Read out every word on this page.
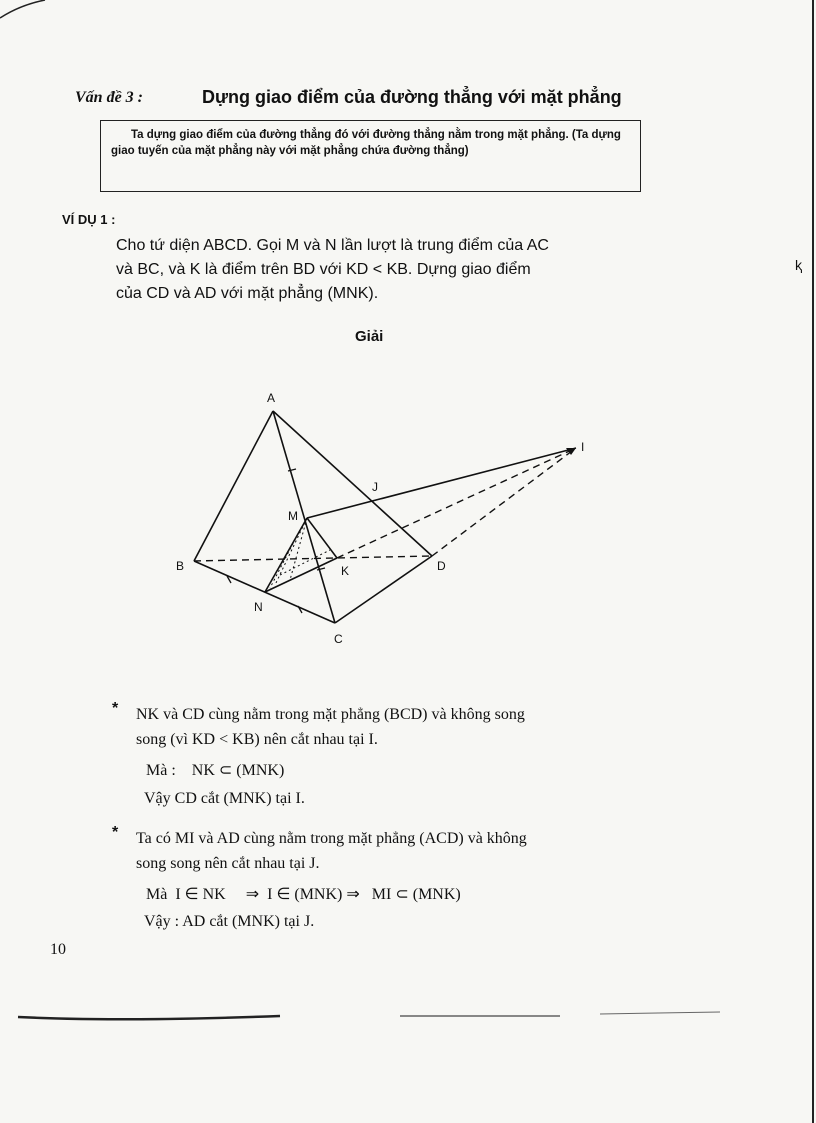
Vấn đề 3 :	Dựng giao điểm của đường thẳng với mặt phẳng
Ta dựng giao điểm của đường thẳng đó với đường thẳng nằm trong mặt phẳng. (Ta dựng giao tuyến của mặt phẳng này với mặt phẳng chứa đường thẳng)
VÍ DỤ 1 :
Cho tứ diện ABCD. Gọi M và N lần lượt là trung điểm của AC
và BC, và K là điểm trên BD với KD < KB. Dựng giao điểm
của CD và AD với mặt phẳng (MNK).
ⱪ
Giải
A
B
C
D
M
N
K
I
J
* NK và CD cùng nằm trong mặt phẳng (BCD) và không song
song (vì KD < KB) nên cắt nhau tại I.
Mà :    NK ⊂ (MNK)
Vậy CD cắt (MNK) tại I.
* Ta có MI và AD cùng nằm trong mặt phẳng (ACD) và không
song song nên cắt nhau tại J.
Mà  I ∈ NK     ⇒  I ∈ (MNK) ⇒   MI ⊂ (MNK)
Vậy : AD cắt (MNK) tại J.
10
